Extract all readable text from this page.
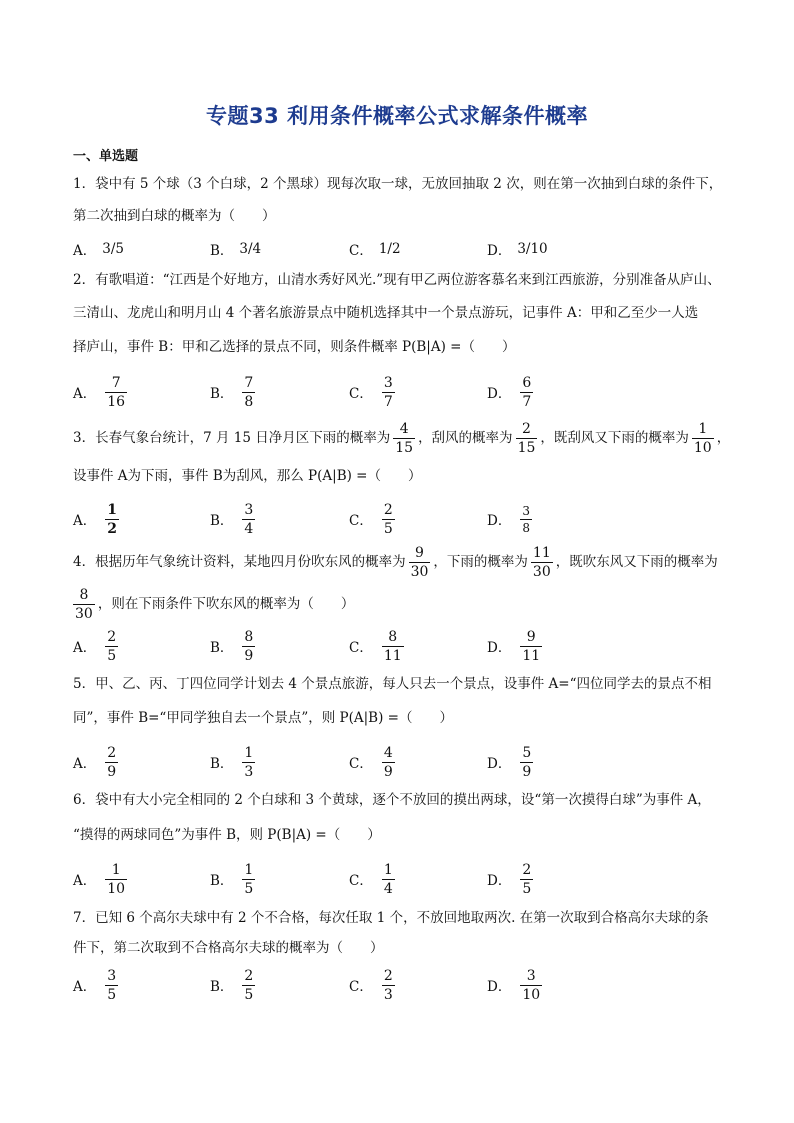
专题33 利用条件概率公式求解条件概率
一、单选题
1．袋中有 5 个球（3 个白球，2 个黑球）现每次取一球，无放回抽取 2 次，则在第一次抽到白球的条件下，
第二次抽到白球的概率为（　　）
A． 3/5	B． 3/4	C． 1/2	D． 3/10
2．有歌唱道：“江西是个好地方，山清水秀好风光.”现有甲乙两位游客慕名来到江西旅游，分别准备从庐山、
三清山、龙虎山和明月山 4 个著名旅游景点中随机选择其中一个景点游玩，记事件 A：甲和乙至少一人选
择庐山，事件 B：甲和乙选择的景点不同，则条件概率 P(B|A) =（　　）
A． $\frac{7}{16}$	B． $\frac{7}{8}$	C． $\frac{3}{7}$	D． $\frac{6}{7}$
3．长春气象台统计，7 月 15 日净月区下雨的概率为 $\frac{4}{15}$ ，刮风的概率为 $\frac{2}{15}$ ，既刮风又下雨的概率为 $\frac{1}{10}$ ，
设事件 A为下雨，事件 B为刮风，那么 P(A|B) =（　　）
A． $\frac{1}{2}$	B． $\frac{3}{4}$	C． $\frac{2}{5}$	D． $\frac{3}{8}$
4．根据历年气象统计资料，某地四月份吹东风的概率为 $\frac{9}{30}$ ，下雨的概率为 $\frac{11}{30}$ ，既吹东风又下雨的概率为
$\frac{8}{30}$ ，则在下雨条件下吹东风的概率为（　　）
A． $\frac{2}{5}$	B． $\frac{8}{9}$	C． $\frac{8}{11}$	D． $\frac{9}{11}$
5．甲、乙、丙、丁四位同学计划去 4 个景点旅游，每人只去一个景点，设事件 A=“四位同学去的景点不相
同”，事件 B=“甲同学独自去一个景点”，则 P(A|B) =（　　）
A． $\frac{2}{9}$	B． $\frac{1}{3}$	C． $\frac{4}{9}$	D． $\frac{5}{9}$
6．袋中有大小完全相同的 2 个白球和 3 个黄球，逐个不放回的摸出两球，设“第一次摸得白球”为事件 A，
“摸得的两球同色”为事件 B，则 P(B|A) =（　　）
A． $\frac{1}{10}$	B． $\frac{1}{5}$	C． $\frac{1}{4}$	D． $\frac{2}{5}$
7．已知 6 个高尔夫球中有 2 个不合格，每次任取 1 个，不放回地取两次. 在第一次取到合格高尔夫球的条
件下，第二次取到不合格高尔夫球的概率为（　　）
A． $\frac{3}{5}$	B． $\frac{2}{5}$	C． $\frac{2}{3}$	D． $\frac{3}{10}$
